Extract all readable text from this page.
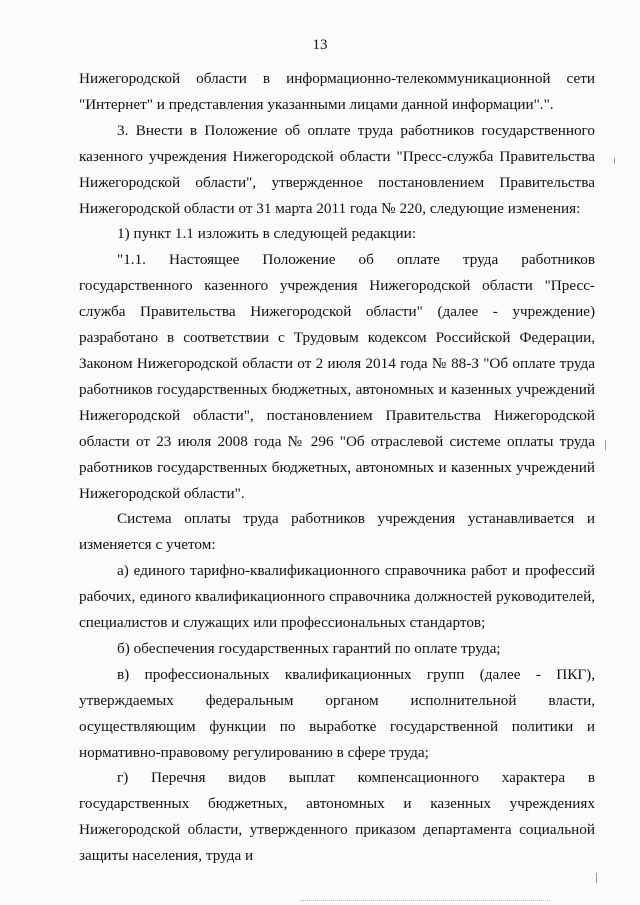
13

Нижегородской области в информационно-телекоммуникационной сети "Интернет" и представления указанными лицами данной информации".".

3. Внести в Положение об оплате труда работников государственного казенного учреждения Нижегородской области "Пресс-служба Правительства Нижегородской области", утвержденное постановлением Правительства Нижегородской области от 31 марта 2011 года № 220, следующие изменения:

1) пункт 1.1 изложить в следующей редакции:

"1.1. Настоящее Положение об оплате труда работников государственного казенного учреждения Нижегородской области "Пресс-служба Правительства Нижегородской области" (далее - учреждение) разработано в соответствии с Трудовым кодексом Российской Федерации, Законом Нижегородской области от 2 июля 2014 года № 88-З "Об оплате труда работников государственных бюджетных, автономных и казенных учреждений Нижегородской области", постановлением Правительства Нижегородской области от 23 июля 2008 года № 296 "Об отраслевой системе оплаты труда работников государственных бюджетных, автономных и казенных учреждений Нижегородской области".

Система оплаты труда работников учреждения устанавливается и изменяется с учетом:

а) единого тарифно-квалификационного справочника работ и профессий рабочих, единого квалификационного справочника должностей руководителей, специалистов и служащих или профессиональных стандартов;

б) обеспечения государственных гарантий по оплате труда;

в) профессиональных квалификационных групп (далее - ПКГ), утверждаемых федеральным органом исполнительной власти, осуществляющим функции по выработке государственной политики и нормативно-правовому регулированию в сфере труда;

г) Перечня видов выплат компенсационного характера в государственных бюджетных, автономных и казенных учреждениях Нижегородской области, утвержденного приказом департамента социальной защиты населения, труда и
